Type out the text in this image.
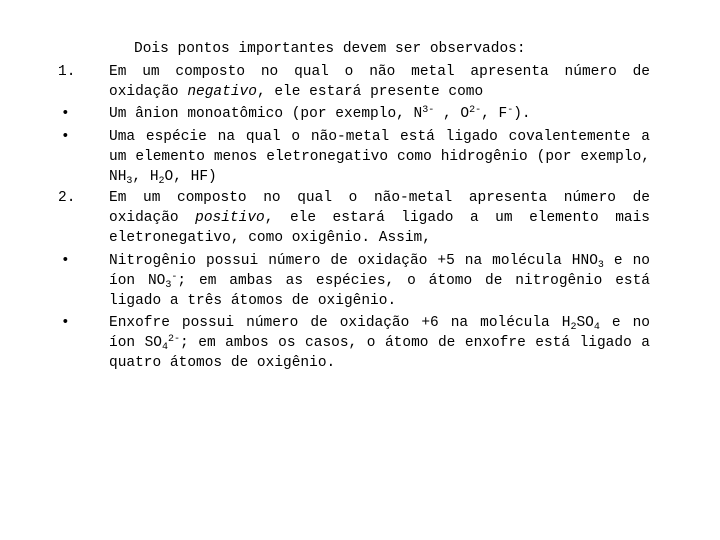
Dois pontos importantes devem ser observados:
1.	Em um composto no qual o não metal apresenta número de oxidação negativo, ele estará presente como
•	Um ânion monoatômico (por exemplo, $N^{3-}$ , $O^{2-}$, F-).
•	Uma espécie na qual o não-metal está ligado covalentemente a um elemento menos eletronegativo como hidrogênio (por exemplo, $NH_3$, $H_2O$, HF)
2.	Em um composto no qual o não-metal apresenta número de oxidação positivo, ele estará ligado a um elemento mais eletronegativo, como oxigênio. Assim,
•	Nitrogênio possui número de oxidação +5 na molécula $HNO_3$ e no íon $NO_3^-$; em ambas as espécies, o átomo de nitrogênio está ligado a três átomos de oxigênio.
•	Enxofre possui número de oxidação +6 na molécula $H_2SO_4$ e no íon $SO_4^{2-}$; em ambos os casos, o átomo de enxofre está ligado a quatro átomos de oxigênio.
